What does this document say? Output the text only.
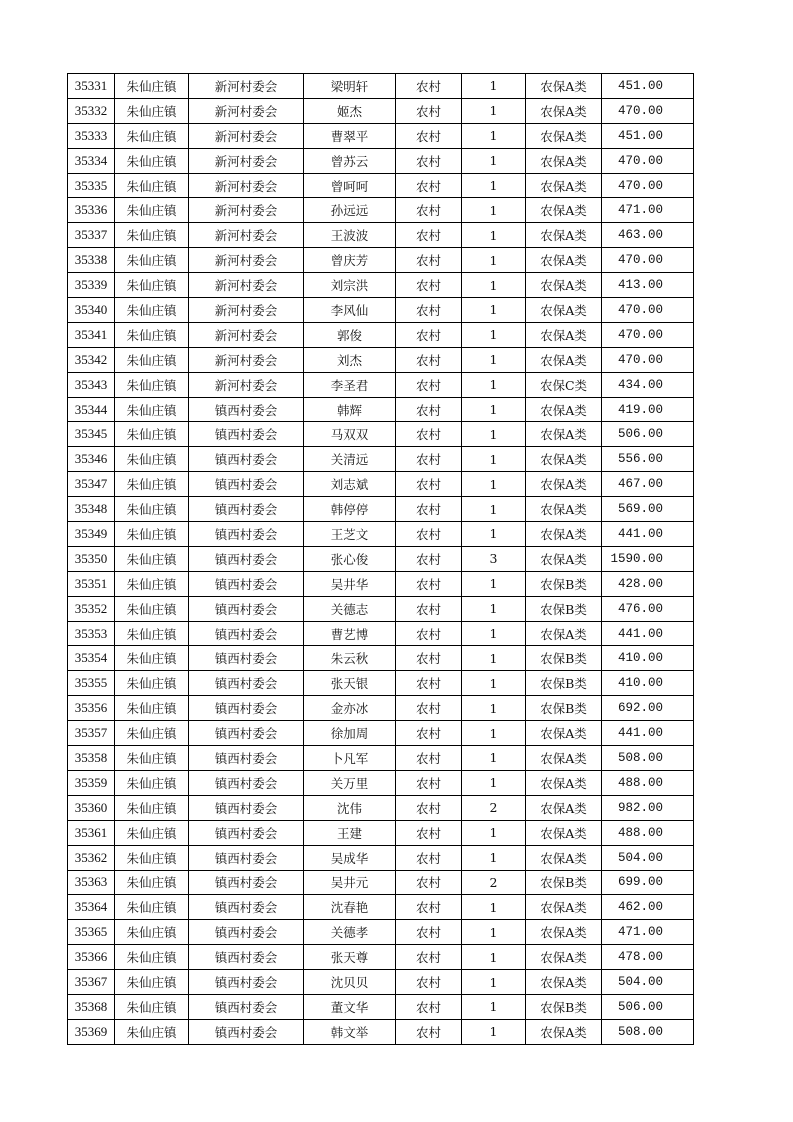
35331	朱仙庄镇	新河村委会	梁明轩	农村	1	农保A类	451.00
35332	朱仙庄镇	新河村委会	姬杰	农村	1	农保A类	470.00
35333	朱仙庄镇	新河村委会	曹翠平	农村	1	农保A类	451.00
35334	朱仙庄镇	新河村委会	曾苏云	农村	1	农保A类	470.00
35335	朱仙庄镇	新河村委会	曾呵呵	农村	1	农保A类	470.00
35336	朱仙庄镇	新河村委会	孙远远	农村	1	农保A类	471.00
35337	朱仙庄镇	新河村委会	王波波	农村	1	农保A类	463.00
35338	朱仙庄镇	新河村委会	曾庆芳	农村	1	农保A类	470.00
35339	朱仙庄镇	新河村委会	刘宗洪	农村	1	农保A类	413.00
35340	朱仙庄镇	新河村委会	李风仙	农村	1	农保A类	470.00
35341	朱仙庄镇	新河村委会	郭俊	农村	1	农保A类	470.00
35342	朱仙庄镇	新河村委会	刘杰	农村	1	农保A类	470.00
35343	朱仙庄镇	新河村委会	李圣君	农村	1	农保C类	434.00
35344	朱仙庄镇	镇西村委会	韩辉	农村	1	农保A类	419.00
35345	朱仙庄镇	镇西村委会	马双双	农村	1	农保A类	506.00
35346	朱仙庄镇	镇西村委会	关清远	农村	1	农保A类	556.00
35347	朱仙庄镇	镇西村委会	刘志斌	农村	1	农保A类	467.00
35348	朱仙庄镇	镇西村委会	韩停停	农村	1	农保A类	569.00
35349	朱仙庄镇	镇西村委会	王芝文	农村	1	农保A类	441.00
35350	朱仙庄镇	镇西村委会	张心俊	农村	3	农保A类	1590.00
35351	朱仙庄镇	镇西村委会	吴井华	农村	1	农保B类	428.00
35352	朱仙庄镇	镇西村委会	关德志	农村	1	农保B类	476.00
35353	朱仙庄镇	镇西村委会	曹艺博	农村	1	农保A类	441.00
35354	朱仙庄镇	镇西村委会	朱云秋	农村	1	农保B类	410.00
35355	朱仙庄镇	镇西村委会	张天银	农村	1	农保B类	410.00
35356	朱仙庄镇	镇西村委会	金亦冰	农村	1	农保B类	692.00
35357	朱仙庄镇	镇西村委会	徐加周	农村	1	农保A类	441.00
35358	朱仙庄镇	镇西村委会	卜凡军	农村	1	农保A类	508.00
35359	朱仙庄镇	镇西村委会	关万里	农村	1	农保A类	488.00
35360	朱仙庄镇	镇西村委会	沈伟	农村	2	农保A类	982.00
35361	朱仙庄镇	镇西村委会	王建	农村	1	农保A类	488.00
35362	朱仙庄镇	镇西村委会	吴成华	农村	1	农保A类	504.00
35363	朱仙庄镇	镇西村委会	吴井元	农村	2	农保B类	699.00
35364	朱仙庄镇	镇西村委会	沈春艳	农村	1	农保A类	462.00
35365	朱仙庄镇	镇西村委会	关德孝	农村	1	农保A类	471.00
35366	朱仙庄镇	镇西村委会	张天尊	农村	1	农保A类	478.00
35367	朱仙庄镇	镇西村委会	沈贝贝	农村	1	农保A类	504.00
35368	朱仙庄镇	镇西村委会	董文华	农村	1	农保B类	506.00
35369	朱仙庄镇	镇西村委会	韩文举	农村	1	农保A类	508.00
